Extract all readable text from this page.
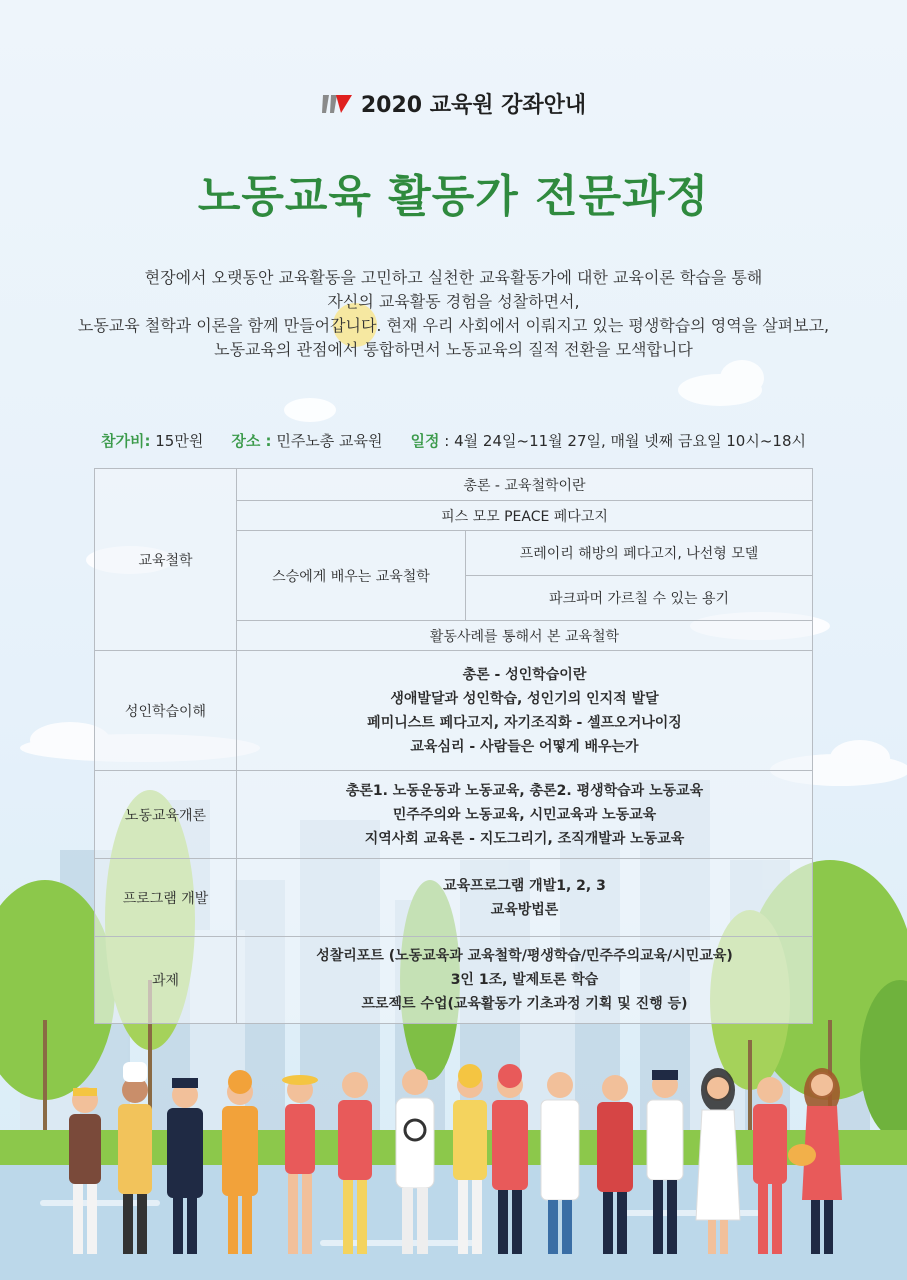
2020 교육원 강좌안내
노동교육 활동가 전문과정
현장에서 오랫동안 교육활동을 고민하고 실천한 교육활동가에 대한 교육이론 학습을 통해
자신의 교육활동 경험을 성찰하면서,
노동교육 철학과 이론을 함께 만들어갑니다. 현재 우리 사회에서 이뤄지고 있는 평생학습의 영역을 살펴보고,
노동교육의 관점에서 통합하면서 노동교육의 질적 전환을 모색합니다
참가비: 15만원 장소 : 민주노총 교육원 일정 : 4월 24일~11월 27일, 매월 넷째 금요일 10시~18시
교육철학	총론 - 교육철학이란	
	피스 모모 PEACE 페다고지	
	스승에게 배우는 교육철학	프레이리 해방의 페다고지, 나선형 모델
		파크파머 가르칠 수 있는 용기
	활동사례를 통해서 본 교육철학	
성인학습이해	총론 - 성인학습이란
생애발달과 성인학습, 성인기의 인지적 발달
페미니스트 페다고지, 자기조직화 - 셀프오거나이징
교육심리 - 사람들은 어떻게 배우는가	

노동교육개론	총론1. 노동운동과 노동교육, 총론2. 평생학습과 노동교육
민주주의와 노동교육, 시민교육과 노동교육
지역사회 교육론 - 지도그리기, 조직개발과 노동교육	

프로그램 개발	교육프로그램 개발1, 2, 3
교육방법론	

과제	성찰리포트 (노동교육과 교육철학/평생학습/민주주의교육/시민교육)
3인 1조, 발제토론 학습
프로젝트 수업(교육활동가 기초과정 기획 및 진행 등)	
